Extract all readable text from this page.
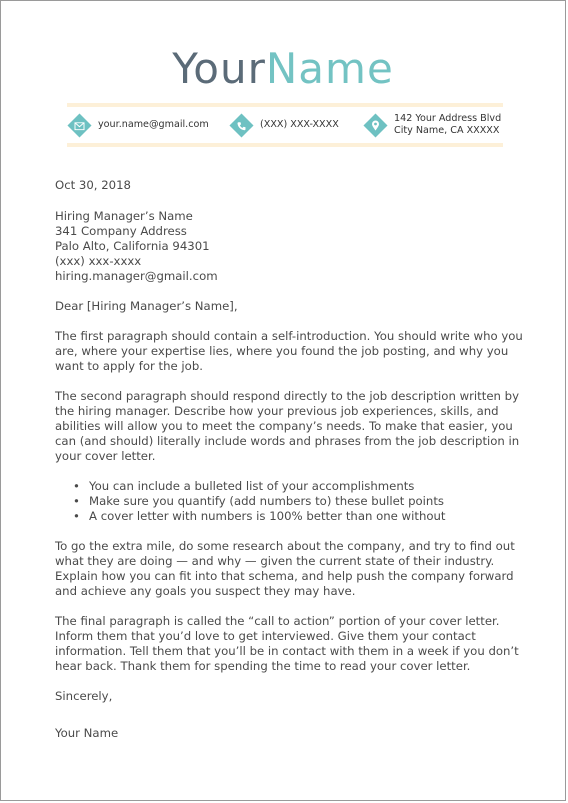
YourName
your.name@gmail.com	(XXX) XXX-XXXX
142 Your Address Blvd
City Name, CA XXXXX

Oct 30, 2018

Hiring Manager’s Name

341 Company Address

Palo Alto, California 94301

(xxx) xxx-xxxx

hiring.manager@gmail.com

Dear [Hiring Manager’s Name],

The first paragraph should contain a self-introduction. You should write who you are, where your expertise lies, where you found the job posting, and why you want to apply for the job.

The second paragraph should respond directly to the job description written by the hiring manager. Describe how your previous job experiences, skills, and abilities will allow you to meet the company’s needs. To make that easier, you can (and should) literally include words and phrases from the job description in your cover letter.

• You can include a bulleted list of your accomplishments
• Make sure you quantify (add numbers to) these bullet points
• A cover letter with numbers is 100% better than one without

To go the extra mile, do some research about the company, and try to find out what they are doing — and why — given the current state of their industry. Explain how you can fit into that schema, and help push the company forward and achieve any goals you suspect they may have.

The final paragraph is called the “call to action” portion of your cover letter. Inform them that you’d love to get interviewed. Give them your contact information. Tell them that you’ll be in contact with them in a week if you don’t hear back. Thank them for spending the time to read your cover letter.

Sincerely,

Your Name
